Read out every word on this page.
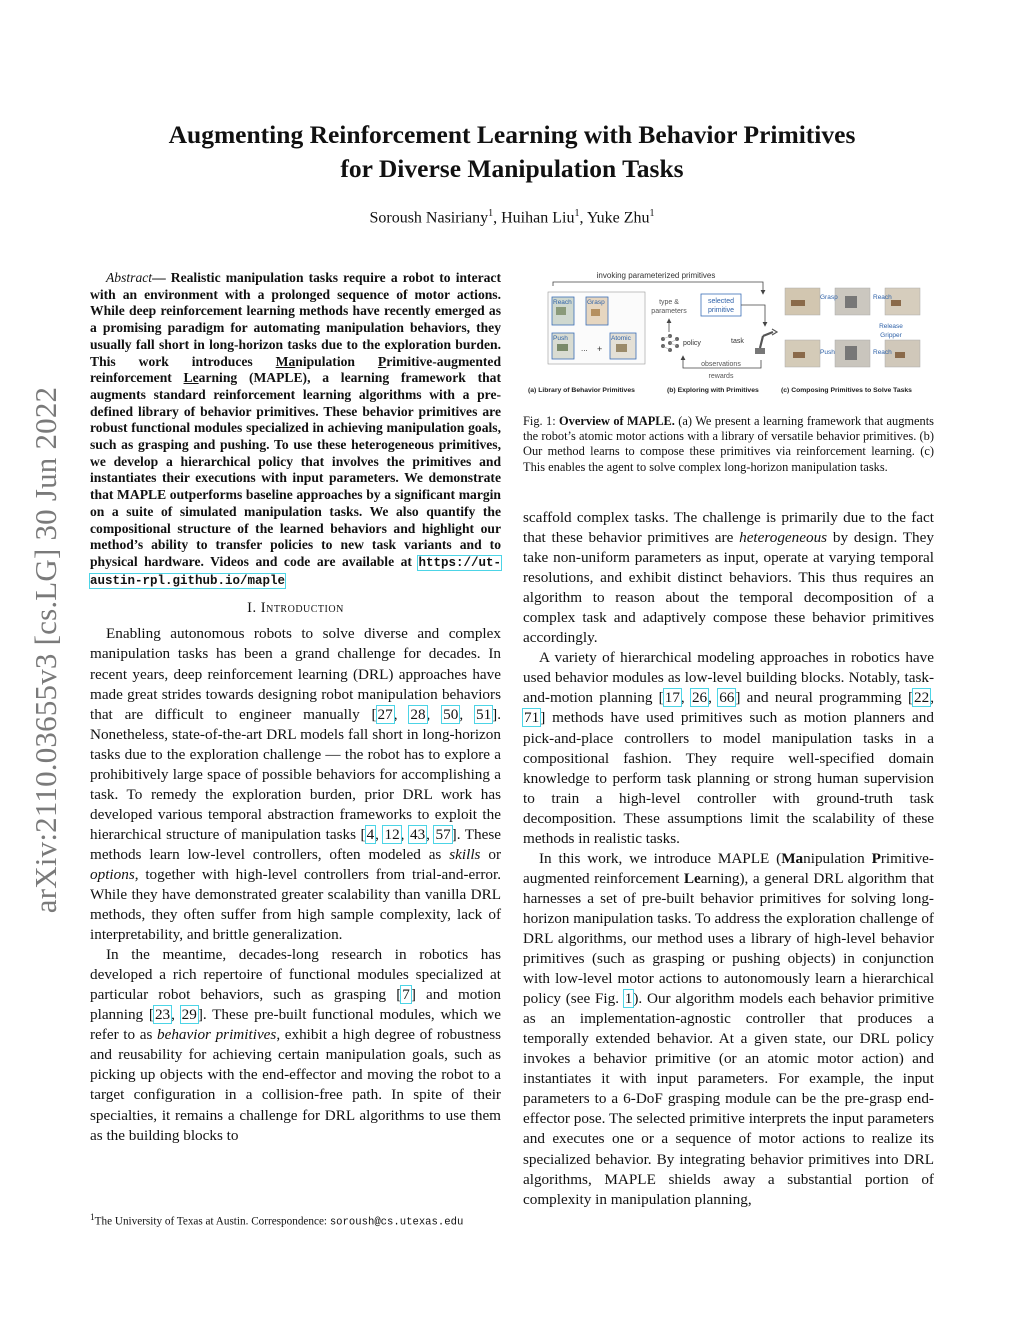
arXiv:2110.03655v3 [cs.LG] 30 Jun 2022
Augmenting Reinforcement Learning with Behavior Primitives
for Diverse Manipulation Tasks
Soroush Nasiriany$^1$, Huihan Liu$^1$, Yuke Zhu$^1$
Abstract— Realistic manipulation tasks require a robot to interact with an environment with a prolonged sequence of motor actions. While deep reinforcement learning methods have recently emerged as a promising paradigm for automating manipulation behaviors, they usually fall short in long-horizon tasks due to the exploration burden. This work introduces Manipulation Primitive-augmented reinforcement Learning (MAPLE), a learning framework that augments standard reinforcement learning algorithms with a pre-defined library of behavior primitives. These behavior primitives are robust functional modules specialized in achieving manipulation goals, such as grasping and pushing. To use these heterogeneous primitives, we develop a hierarchical policy that involves the primitives and instantiates their executions with input parameters. We demonstrate that MAPLE outperforms baseline approaches by a significant margin on a suite of simulated manipulation tasks. We also quantify the compositional structure of the learned behaviors and highlight our method’s ability to transfer policies to new task variants and to physical hardware. Videos and code are available at https://ut-austin-rpl.github.io/maple
I. Introduction

Enabling autonomous robots to solve diverse and complex manipulation tasks has been a grand challenge for decades. In recent years, deep reinforcement learning (DRL) approaches have made great strides towards designing robot manipulation behaviors that are difficult to engineer manually [27, 28, 50, 51]. Nonetheless, state-of-the-art DRL models fall short in long-horizon tasks due to the exploration challenge — the robot has to explore a prohibitively large space of possible behaviors for accomplishing a task. To remedy the exploration burden, prior DRL work has developed various temporal abstraction frameworks to exploit the hierarchical structure of manipulation tasks [4, 12, 43, 57]. These methods learn low-level controllers, often modeled as skills or options, together with high-level controllers from trial-and-error. While they have demonstrated greater scalability than vanilla DRL methods, they often suffer from high sample complexity, lack of interpretability, and brittle generalization.

In the meantime, decades-long research in robotics has developed a rich repertoire of functional modules specialized at particular robot behaviors, such as grasping [7] and motion planning [23, 29]. These pre-built functional modules, which we refer to as behavior primitives, exhibit a high degree of robustness and reusability for achieving certain manipulation goals, such as picking up objects with the end-effector and moving the robot to a target configuration in a collision-free path. In spite of their specialties, it remains a challenge for DRL algorithms to use them as the building blocks to

$^1$The University of Texas at Austin. Correspondence: soroush@cs.utexas.edu
invoking parameterized primitives
Reach Grasp
Push	Atomic
... +
type &
parameters
selected
primitive
policy	task
observations
rewards
Grasp	Reach
Release
Gripper
Push	Reach
(a) Library of Behavior Primitives	(b) Exploring with Primitives	(c) Composing Primitives to Solve Tasks
Fig. 1: Overview of MAPLE. (a) We present a learning framework that augments the robot’s atomic motor actions with a library of versatile behavior primitives. (b) Our method learns to compose these primitives via reinforcement learning. (c) This enables the agent to solve complex long-horizon manipulation tasks.

scaffold complex tasks. The challenge is primarily due to the fact that these behavior primitives are heterogeneous by design. They take non-uniform parameters as input, operate at varying temporal resolutions, and exhibit distinct behaviors. This thus requires an algorithm to reason about the temporal decomposition of a complex task and adaptively compose these behavior primitives accordingly.

A variety of hierarchical modeling approaches in robotics have used behavior modules as low-level building blocks. Notably, task-and-motion planning [17, 26, 66] and neural programming [22, 71] methods have used primitives such as motion planners and pick-and-place controllers to model manipulation tasks in a compositional fashion. They require well-specified domain knowledge to perform task planning or strong human supervision to train a high-level controller with ground-truth task decomposition. These assumptions limit the scalability of these methods in realistic tasks.

In this work, we introduce MAPLE (Manipulation Primitive-augmented reinforcement Learning), a general DRL algorithm that harnesses a set of pre-built behavior primitives for solving long-horizon manipulation tasks. To address the exploration challenge of DRL algorithms, our method uses a library of high-level behavior primitives (such as grasping or pushing objects) in conjunction with low-level motor actions to autonomously learn a hierarchical policy (see Fig. 1). Our algorithm models each behavior primitive as an implementation-agnostic controller that produces a temporally extended behavior. At a given state, our DRL policy invokes a behavior primitive (or an atomic motor action) and instantiates it with input parameters. For example, the input parameters to a 6-DoF grasping module can be the pre-grasp end-effector pose. The selected primitive interprets the input parameters and executes one or a sequence of motor actions to realize its specialized behavior. By integrating behavior primitives into DRL algorithms, MAPLE shields away a substantial portion of complexity in manipulation planning,
